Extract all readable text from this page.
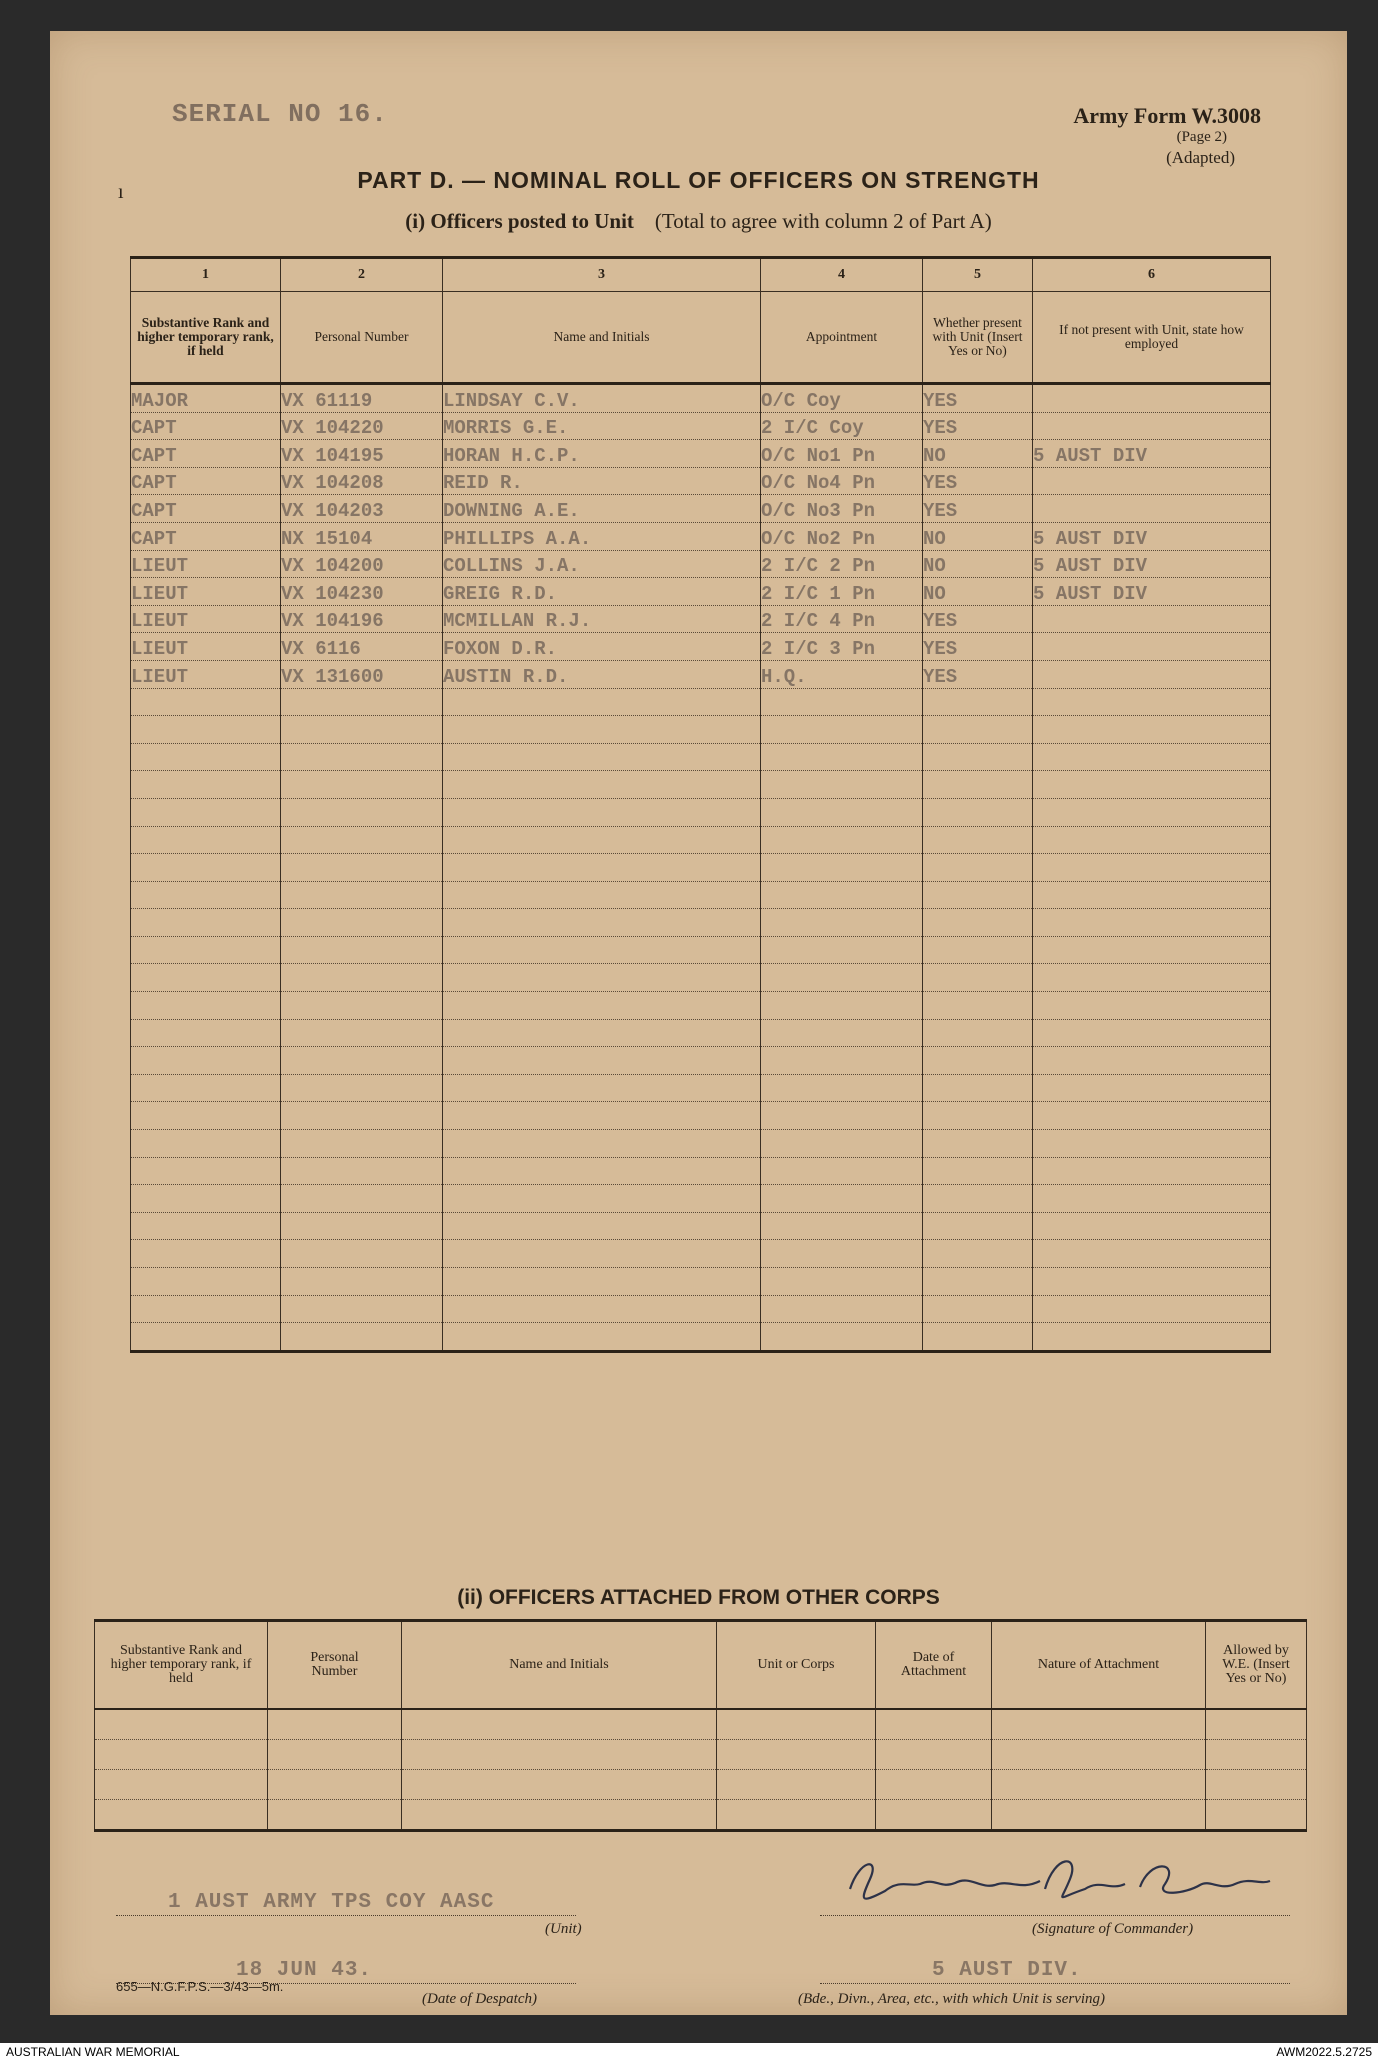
SERIAL NO 16.	Army Form W.3008
(Page 2)
(Adapted)
ı	PART D. — NOMINAL ROLL OF OFFICERS ON STRENGTH
(i) Officers posted to Unit (Total to agree with column 2 of Part A)
1	2	3	4	5	6
Substantive Rank and higher temporary rank, if held	Personal Number	Name and Initials	Appointment	Whether present with Unit (Insert Yes or No)	If not present with Unit, state how employed
MAJOR	VX 61119	LINDSAY C.V.	O/C Coy	YES	
CAPT	VX 104220	MORRIS G.E.	2 I/C Coy	YES	
CAPT	VX 104195	HORAN H.C.P.	O/C No1 Pn	NO	5 AUST DIV
CAPT	VX 104208	REID R.	O/C No4 Pn	YES	
CAPT	VX 104203	DOWNING A.E.	O/C No3 Pn	YES	
CAPT	NX 15104	PHILLIPS A.A.	O/C No2 Pn	NO	5 AUST DIV
LIEUT	VX 104200	COLLINS J.A.	2 I/C 2 Pn	NO	5 AUST DIV
LIEUT	VX 104230	GREIG R.D.	2 I/C 1 Pn	NO	5 AUST DIV
LIEUT	VX 104196	MCMILLAN R.J.	2 I/C 4 Pn	YES	
LIEUT	VX 6116	FOXON D.R.	2 I/C 3 Pn	YES	
LIEUT	VX 131600	AUSTIN R.D.	H.Q.	YES	

(ii) OFFICERS ATTACHED FROM OTHER CORPS
Substantive Rank and higher temporary rank, if held	Personal Number	Name and Initials	Unit or Corps	Date of Attachment	Nature of Attachment	Allowed by W.E. (Insert Yes or No)

1 AUST ARMY TPS COY AASC
(Unit)
Reginald Blake Capt
(Signature of Commander)
18 JUN 43.
(Date of Despatch)
5 AUST DIV.
(Bde., Divn., Area, etc., with which Unit is serving)
655—N.G.F.P.S.—3/43—5m.
AUSTRALIAN WAR MEMORIAL	AWM2022.5.2725
